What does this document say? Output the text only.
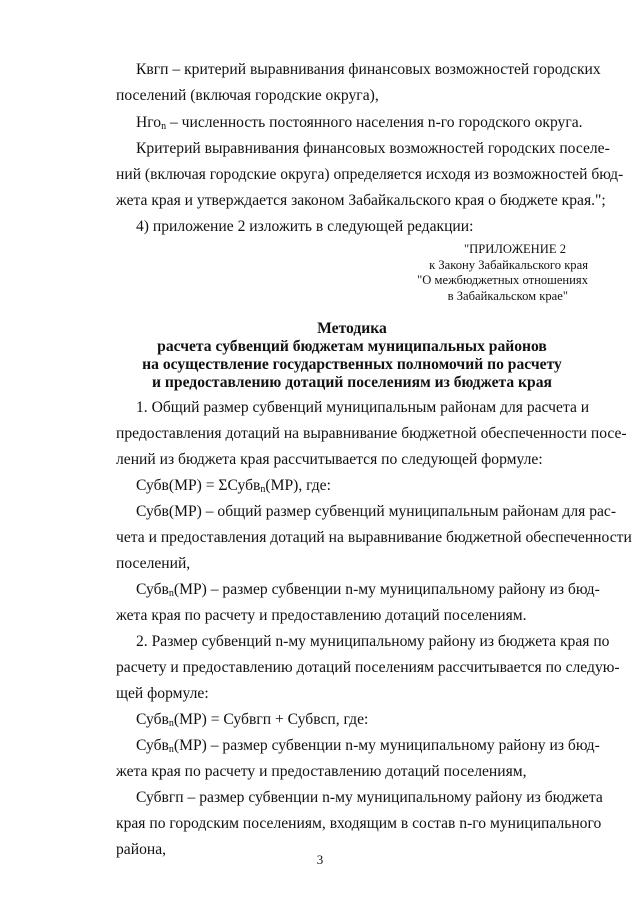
Квгп – критерий выравнивания финансовых возможностей городских
поселений (включая городские округа),
Нго$_n$ – численность постоянного населения n-го городского округа.
Критерий выравнивания финансовых возможностей городских поселе-
ний (включая городские округа) определяется исходя из возможностей бюд-
жета края и утверждается законом Забайкальского края о бюджете края.";
4) приложение 2 изложить в следующей редакции:
"ПРИЛОЖЕНИЕ 2
к Закону Забайкальского края
"О межбюджетных отношениях
в Забайкальском крае"
Методика
расчета субвенций бюджетам муниципальных районов
на осуществление государственных полномочий по расчету
и предоставлению дотаций поселениям из бюджета края
1. Общий размер субвенций муниципальным районам для расчета и
предоставления дотаций на выравнивание бюджетной обеспеченности посе-
лений из бюджета края рассчитывается по следующей формуле:
Субв(МР) = ΣСубв$_n$(МР), где:
Субв(МР) – общий размер субвенций муниципальным районам для рас-
чета и предоставления дотаций на выравнивание бюджетной обеспеченности
поселений,
Субв$_n$(МР) – размер субвенции n-му муниципальному району из бюд-
жета края по расчету и предоставлению дотаций поселениям.
2. Размер субвенций n-му муниципальному району из бюджета края по
расчету и предоставлению дотаций поселениям рассчитывается по следую-
щей формуле:
Субв$_n$(МР) = Субвгп + Субвсп, где:
Субв$_n$(МР) – размер субвенции n-му муниципальному району из бюд-
жета края по расчету и предоставлению дотаций поселениям,
Субвгп – размер субвенции n-му муниципальному району из бюджета
края по городским поселениям, входящим в состав n-го муниципального
района,
3
